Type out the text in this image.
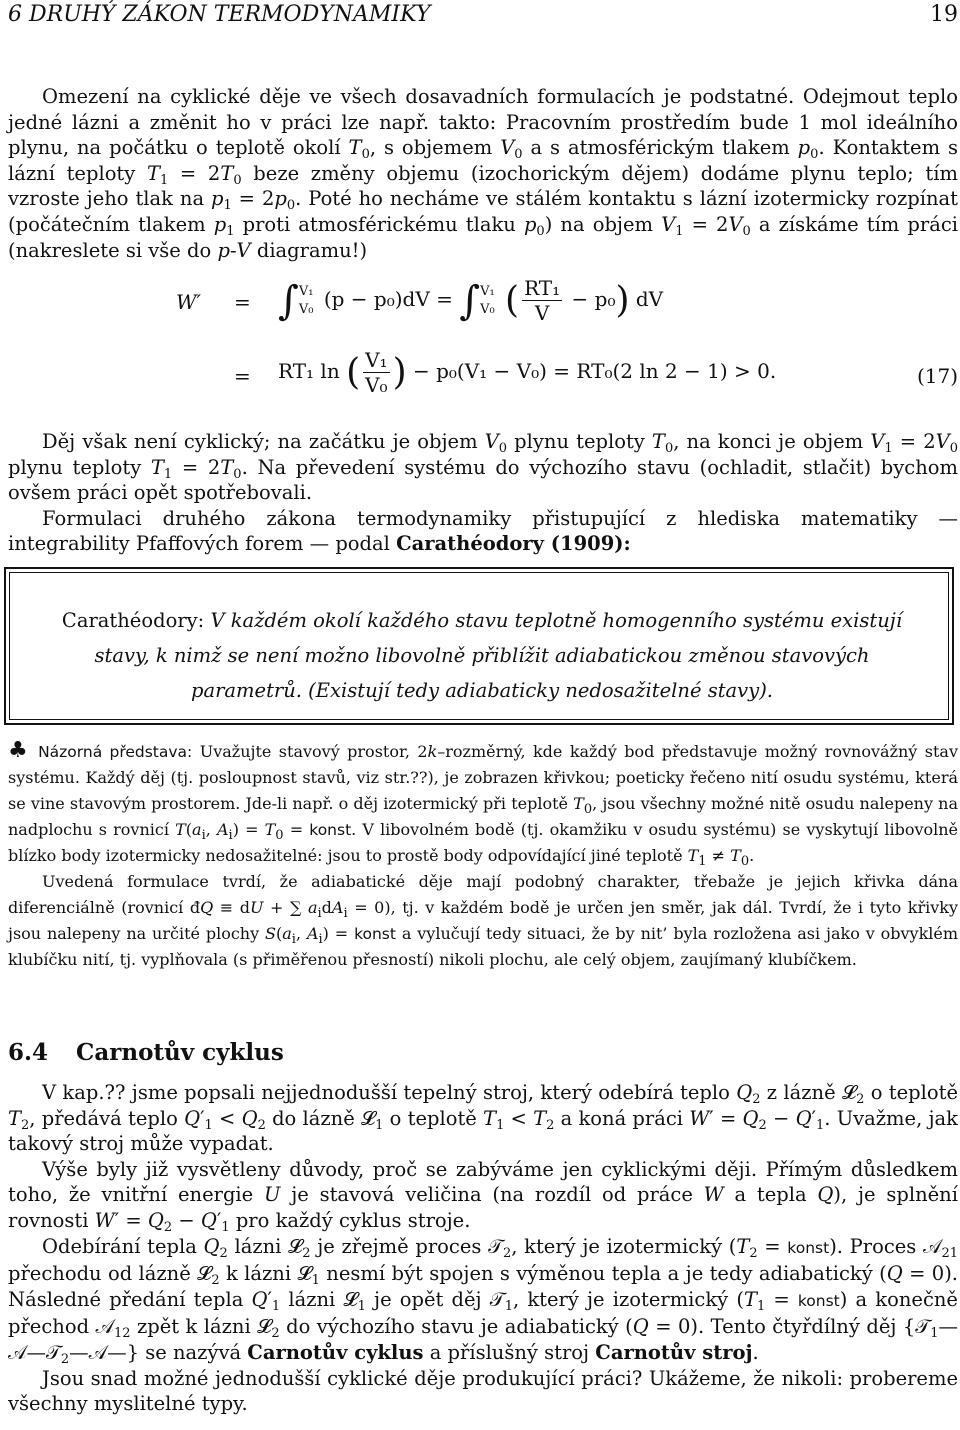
6 DRUHÝ ZÁKON TERMODYNAMIKY	19

Omezení na cyklické děje ve všech dosavadních formulacích je podstatné. Odejmout teplo jedné lázni a změnit ho v práci lze např. takto: Pracovním prostředím bude 1 mol ideálního plynu, na počátku o teplotě okolí $T_0$, s objemem $V_0$ a s atmosférickým tlakem $p_0$. Kontaktem s lázní teploty $T_1 = 2T_0$ beze změny objemu (izochorickým dějem) dodáme plynu teplo; tím vzroste jeho tlak na $p_1 = 2p_0$. Poté ho necháme ve stálém kontaktu s lázní izotermicky rozpínat (počátečním tlakem $p_1$ proti atmosférickému tlaku $p_0$) na objem $V_1 = 2V_0$ a získáme tím práci (nakreslete si vše do p-V diagramu!)

W′ = ∫ V₁
V₀ (p − p₀)dV = ∫ V₁
V₀ ( $\frac{\text{RT₁}}{V} - p_0$) dV
= RT₁ ln ( $\frac{\text{V₁}}{\text{V₀}}$ ) − p₀(V₁ − V₀) = RT₀(2 ln 2 − 1) > 0.	(17)

Děj však není cyklický; na začátku je objem $V_0$ plynu teploty $T_0$, na konci je objem $V_1 = 2V_0$ plynu teploty $T_1 = 2T_0$. Na převedení systému do výchozího stavu (ochladit, stlačit) bychom ovšem práci opět spotřebovali.

Formulaci druhého zákona termodynamiky přistupující z hlediska matematiky — integrability Pfaffových forem — podal Carathéodory (1909):

Carathéodory: V každém okolí každého stavu teplotně homogenního systému existují stavy, k nimž se není možno libovolně přiblížit adiabatickou změnou stavových parametrů. (Existují tedy adiabaticky nedosažitelné stavy).

♣ Názorná představa: Uvažujte stavový prostor, 2k–rozměrný, kde každý bod představuje možný rovnovážný stav systému. Každý děj (tj. posloupnost stavů, viz str.??), je zobrazen křivkou; poeticky řečeno nití osudu systému, která se vine stavovým prostorem. Jde-li např. o děj izotermický při teplotě $T_0$, jsou všechny možné nitě osudu nalepeny na nadplochu s rovnicí $T(a_i$, $A_i) = T_0$ = konst. V libovolném bodě (tj. okamžiku v osudu systému) se vyskytují libovolně blízko body izotermicky nedosažitelné: jsou to prostě body odpovídající jiné teplotě $T_1 \ne T_0$.

Uvedená formulace tvrdí, že adiabatické děje mají podobný charakter, třebaže je jejich křivka dána diferenciálně (rovnicí đQ ≡ dU + ∑ $a_idA_i = 0$), tj. v každém bodě je určen jen směr, jak dál. Tvrdí, že i tyto křivky jsou nalepeny na určité plochy $S(a_i$, $A_i$) = konst a vylučují tedy situaci, že by nit’ byla rozložena asi jako v obvyklém klubíčku nití, tj. vyplňovala (s přiměřenou přesností) nikoli plochu, ale celý objem, zaujímaný klubíčkem.

6.4 Carnotův cyklus

V kap.?? jsme popsali nejjednodušší tepelný stroj, který odebírá teplo $Q_2$ z lázně 𝓛$_2$ o teplotě $T_2$, předává teplo $Q'_1 < Q_2$ do lázně 𝓛$_1$ o teplotě $T_1 < T_2$ a koná práci $W' = Q_2 - Q'_1$. Uvažme, jak takový stroj může vypadat.

Výše byly již vysvětleny důvody, proč se zabýváme jen cyklickými ději. Přímým důsledkem toho, že vnitřní energie U je stavová veličina (na rozdíl od práce W a tepla Q), je splnění rovnosti $W' = Q_2 - Q'_1$ pro každý cyklus stroje.

Odebírání tepla $Q_2$ lázni 𝓛$_2$ je zřejmě proces 𝒯$_2$, který je izotermický ($T_2$ = konst). Proces 𝒜$_{21}$ přechodu od lázně 𝓛$_2$ k lázni 𝓛$_1$ nesmí být spojen s výměnou tepla a je tedy adiabatický (Q = 0). Následné předání tepla $Q'_1$ lázni 𝓛$_1$ je opět děj 𝒯$_1$, který je izotermický ($T_1$ = konst) a konečně přechod 𝒜$_{12}$ zpět k lázni 𝓛$_2$ do výchozího stavu je adiabatický (Q = 0). Tento čtyřdílný děj {𝒯$_1$—𝒜—𝒯$_2$—𝒜—} se nazývá Carnotův cyklus a příslušný stroj Carnotův stroj.

Jsou snad možné jednodušší cyklické děje produkující práci? Ukážeme, že nikoli: probereme všechny myslitelné typy.
